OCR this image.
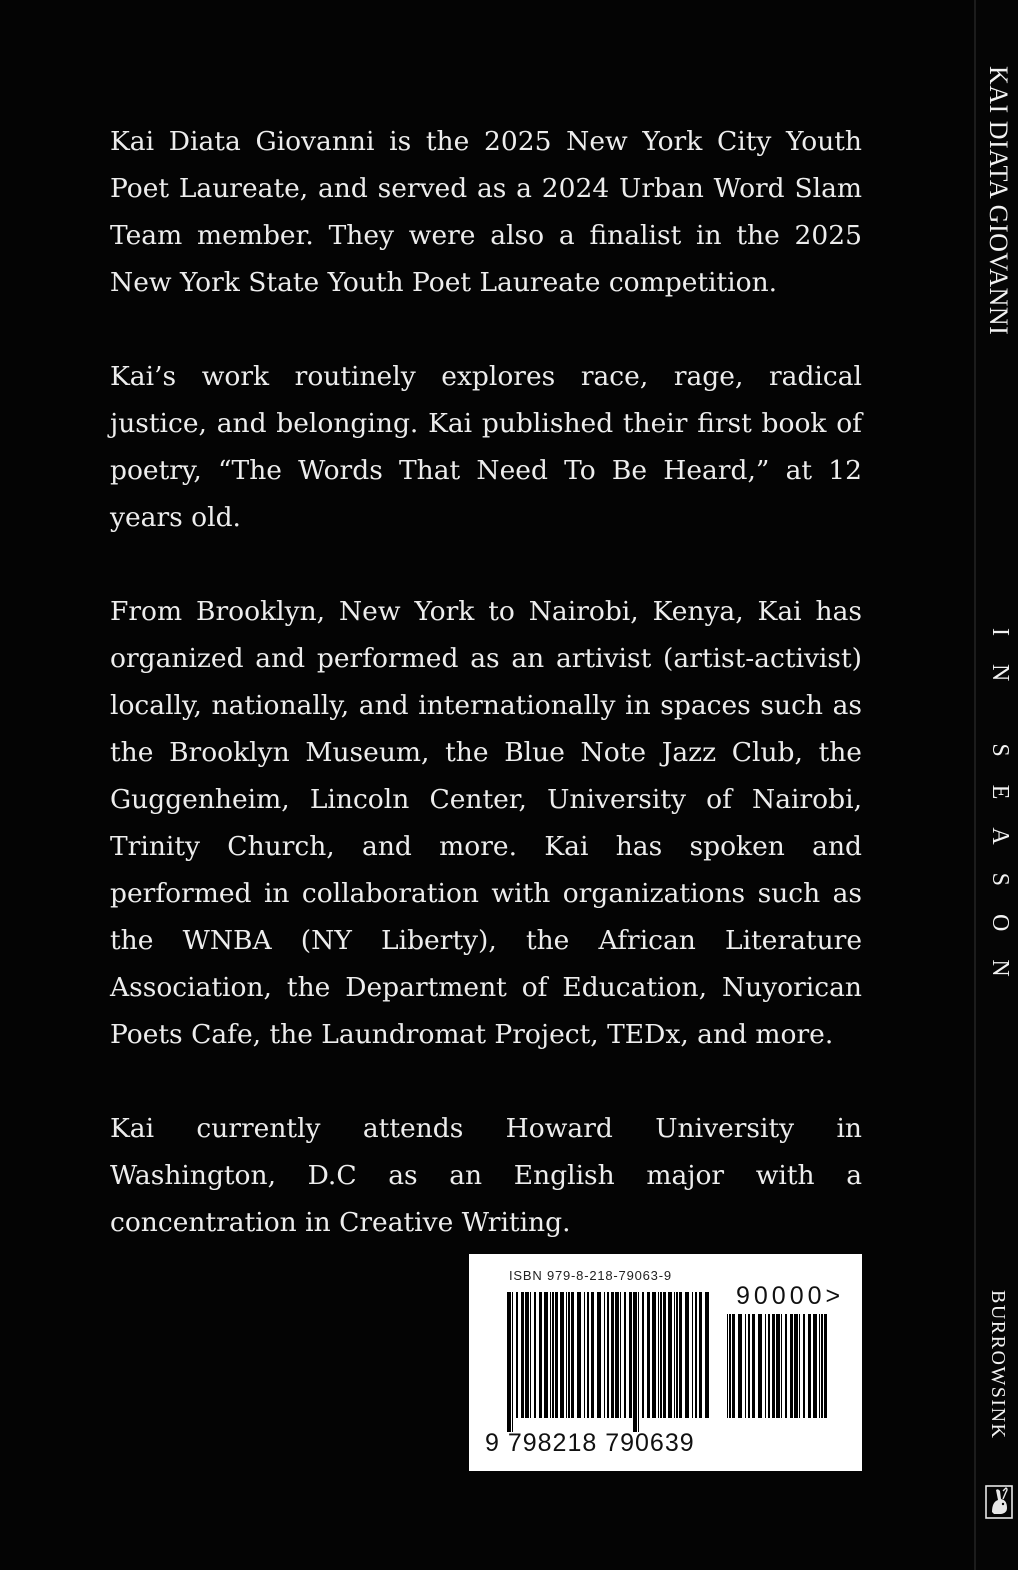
Kai Diata Giovanni is the 2025 New York City Youth Poet Laureate, and served as a 2024 Urban Word Slam Team member. They were also a finalist in the 2025 New York State Youth Poet Laureate competition.

Kai’s work routinely explores race, rage, radical justice, and belonging. Kai published their first book of poetry, “The Words That Need To Be Heard,” at 12 years old.

From Brooklyn, New York to Nairobi, Kenya, Kai has organized and performed as an artivist (artist-activist) locally, nationally, and internationally in spaces such as the Brooklyn Museum, the Blue Note Jazz Club, the Guggenheim, Lincoln Center, University of Nairobi, Trinity Church, and more. Kai has spoken and performed in collaboration with organizations such as the WNBA (NY Liberty), the African Literature Association, the Department of Education, Nuyorican Poets Cafe, the Laundromat Project, TEDx, and more.

Kai currently attends Howard University in Washington, D.C as an English major with a concentration in Creative Writing.

ISBN 979-8-218-79063-9
90000>
9 798218 790639
KAI DIATA GIOVANNI
IN SEASON
BURROWSINK
